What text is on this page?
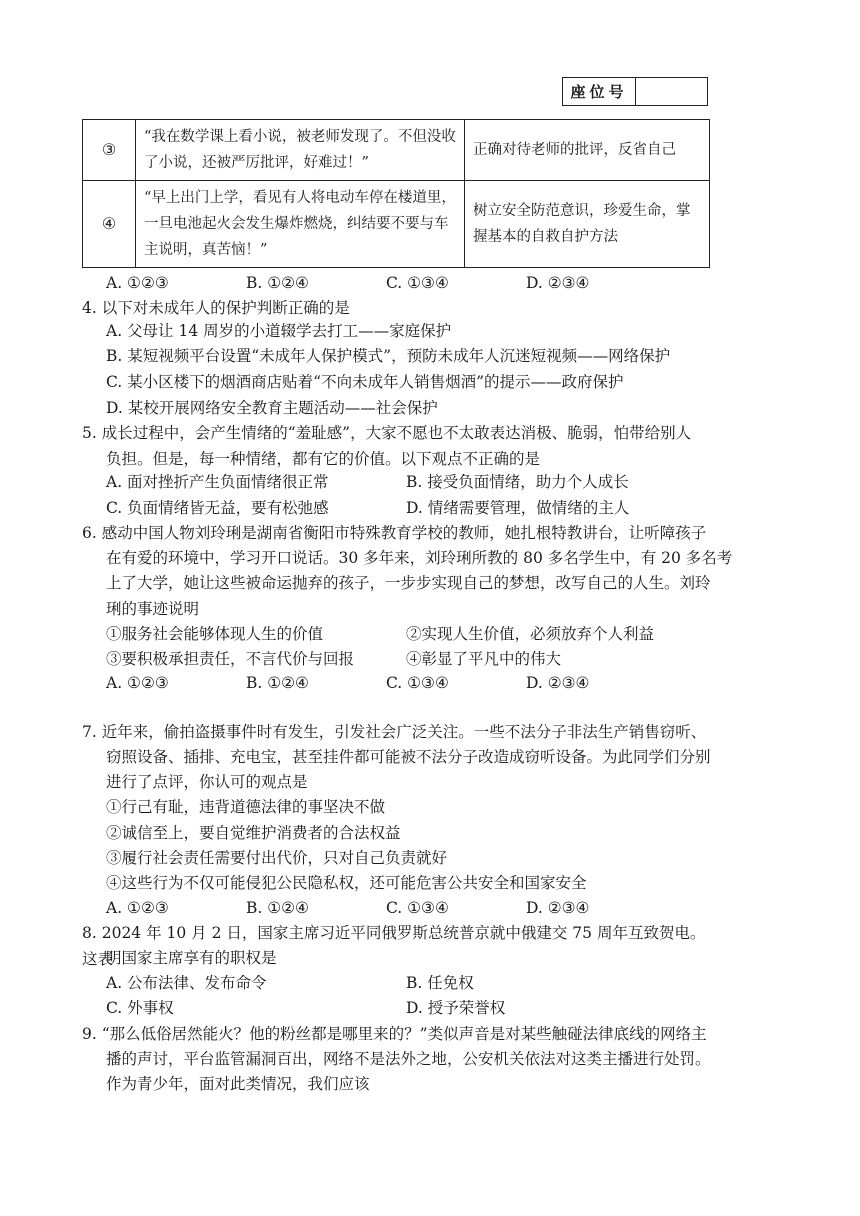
座位号
③	“我在数学课上看小说，被老师发现了。不但没收了小说，还被严厉批评，好难过！”	正确对待老师的批评，反省自己
④	“早上出门上学，看见有人将电动车停在楼道里，一旦电池起火会发生爆炸燃烧，纠结要不要与车主说明，真苦恼！”	树立安全防范意识，珍爱生命，掌握基本的自救自护方法
A. ①②③	B. ①②④	C. ①③④	D. ②③④
4. 以下对未成年人的保护判断正确的是
A. 父母让 14 周岁的小道辍学去打工——家庭保护
B. 某短视频平台设置“未成年人保护模式”，预防未成年人沉迷短视频——网络保护
C. 某小区楼下的烟酒商店贴着“不向未成年人销售烟酒”的提示——政府保护
D. 某校开展网络安全教育主题活动——社会保护
5. 成长过程中，会产生情绪的“羞耻感”，大家不愿也不太敢表达消极、脆弱，怕带给别人
负担。但是，每一种情绪，都有它的价值。以下观点不正确的是
A. 面对挫折产生负面情绪很正常	B. 接受负面情绪，助力个人成长
C. 负面情绪皆无益，要有松弛感	D. 情绪需要管理，做情绪的主人
6. 感动中国人物刘玲琍是湖南省衡阳市特殊教育学校的教师，她扎根特教讲台，让听障孩子
在有爱的环境中，学习开口说话。30 多年来，刘玲琍所教的 80 多名学生中，有 20 多名考
上了大学，她让这些被命运抛弃的孩子，一步步实现自己的梦想，改写自己的人生。刘玲
琍的事迹说明
①服务社会能够体现人生的价值	②实现人生价值，必须放弃个人利益
③要积极承担责任，不言代价与回报	④彰显了平凡中的伟大
A. ①②③	B. ①②④	C. ①③④	D. ②③④
7. 近年来，偷拍盗摄事件时有发生，引发社会广泛关注。一些不法分子非法生产销售窃听、
窃照设备、插排、充电宝，甚至挂件都可能被不法分子改造成窃听设备。为此同学们分别
进行了点评，你认可的观点是
①行己有耻，违背道德法律的事坚决不做
②诚信至上，要自觉维护消费者的合法权益
③履行社会责任需要付出代价，只对自己负责就好
④这些行为不仅可能侵犯公民隐私权，还可能危害公共安全和国家安全
A. ①②③	B. ①②④	C. ①③④	D. ②③④
8. 2024 年 10 月 2 日，国家主席习近平同俄罗斯总统普京就中俄建交 75 周年互致贺电。这表
明国家主席享有的职权是
A. 公布法律、发布命令	B. 任免权
C. 外事权	D. 授予荣誉权
9. “那么低俗居然能火？他的粉丝都是哪里来的？”类似声音是对某些触碰法律底线的网络主
播的声讨，平台监管漏洞百出，网络不是法外之地，公安机关依法对这类主播进行处罚。
作为青少年，面对此类情况，我们应该
